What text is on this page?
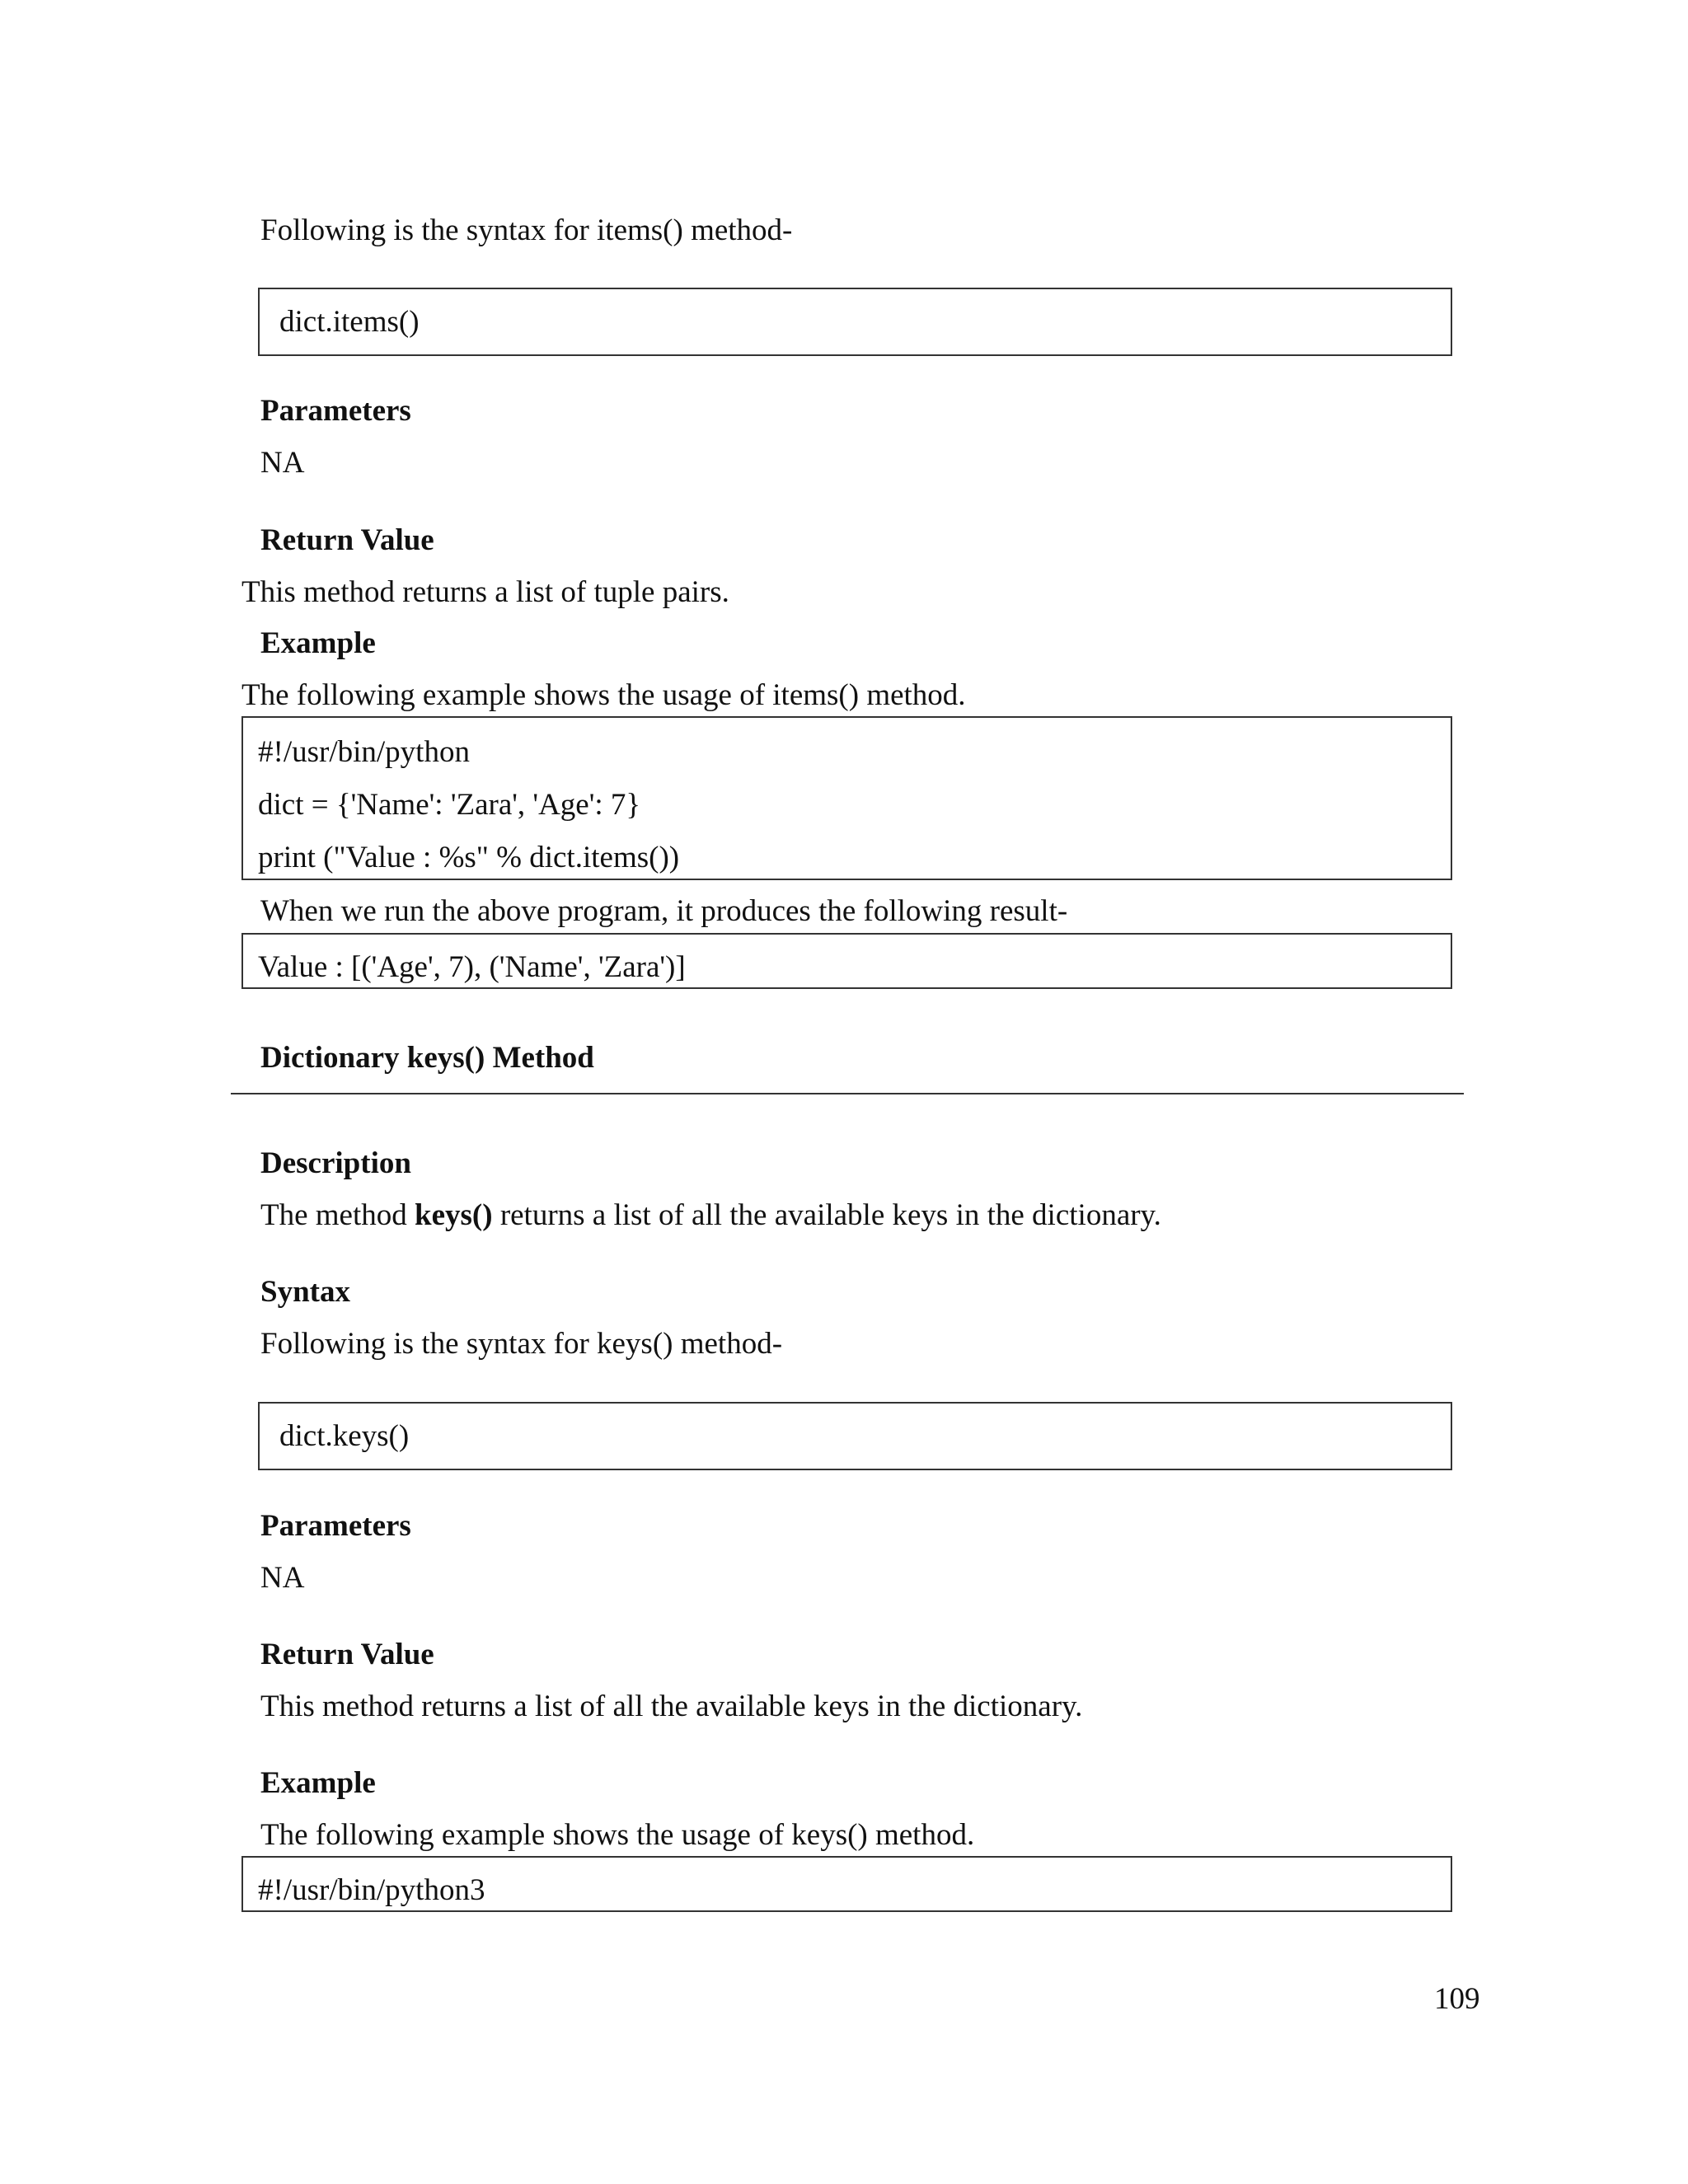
Following is the syntax for items() method-
dict.items()
Parameters
NA
Return Value
This method returns a list of tuple pairs.
Example
The following example shows the usage of items() method.
#!/usr/bin/python
dict = {'Name': 'Zara', 'Age': 7}
print ("Value : %s" % dict.items())
When we run the above program, it produces the following result-
Value : [('Age', 7), ('Name', 'Zara')]
Dictionary keys() Method
Description
The method keys() returns a list of all the available keys in the dictionary.
Syntax
Following is the syntax for keys() method-
dict.keys()
Parameters
NA
Return Value
This method returns a list of all the available keys in the dictionary.
Example
The following example shows the usage of keys() method.
#!/usr/bin/python3
109
